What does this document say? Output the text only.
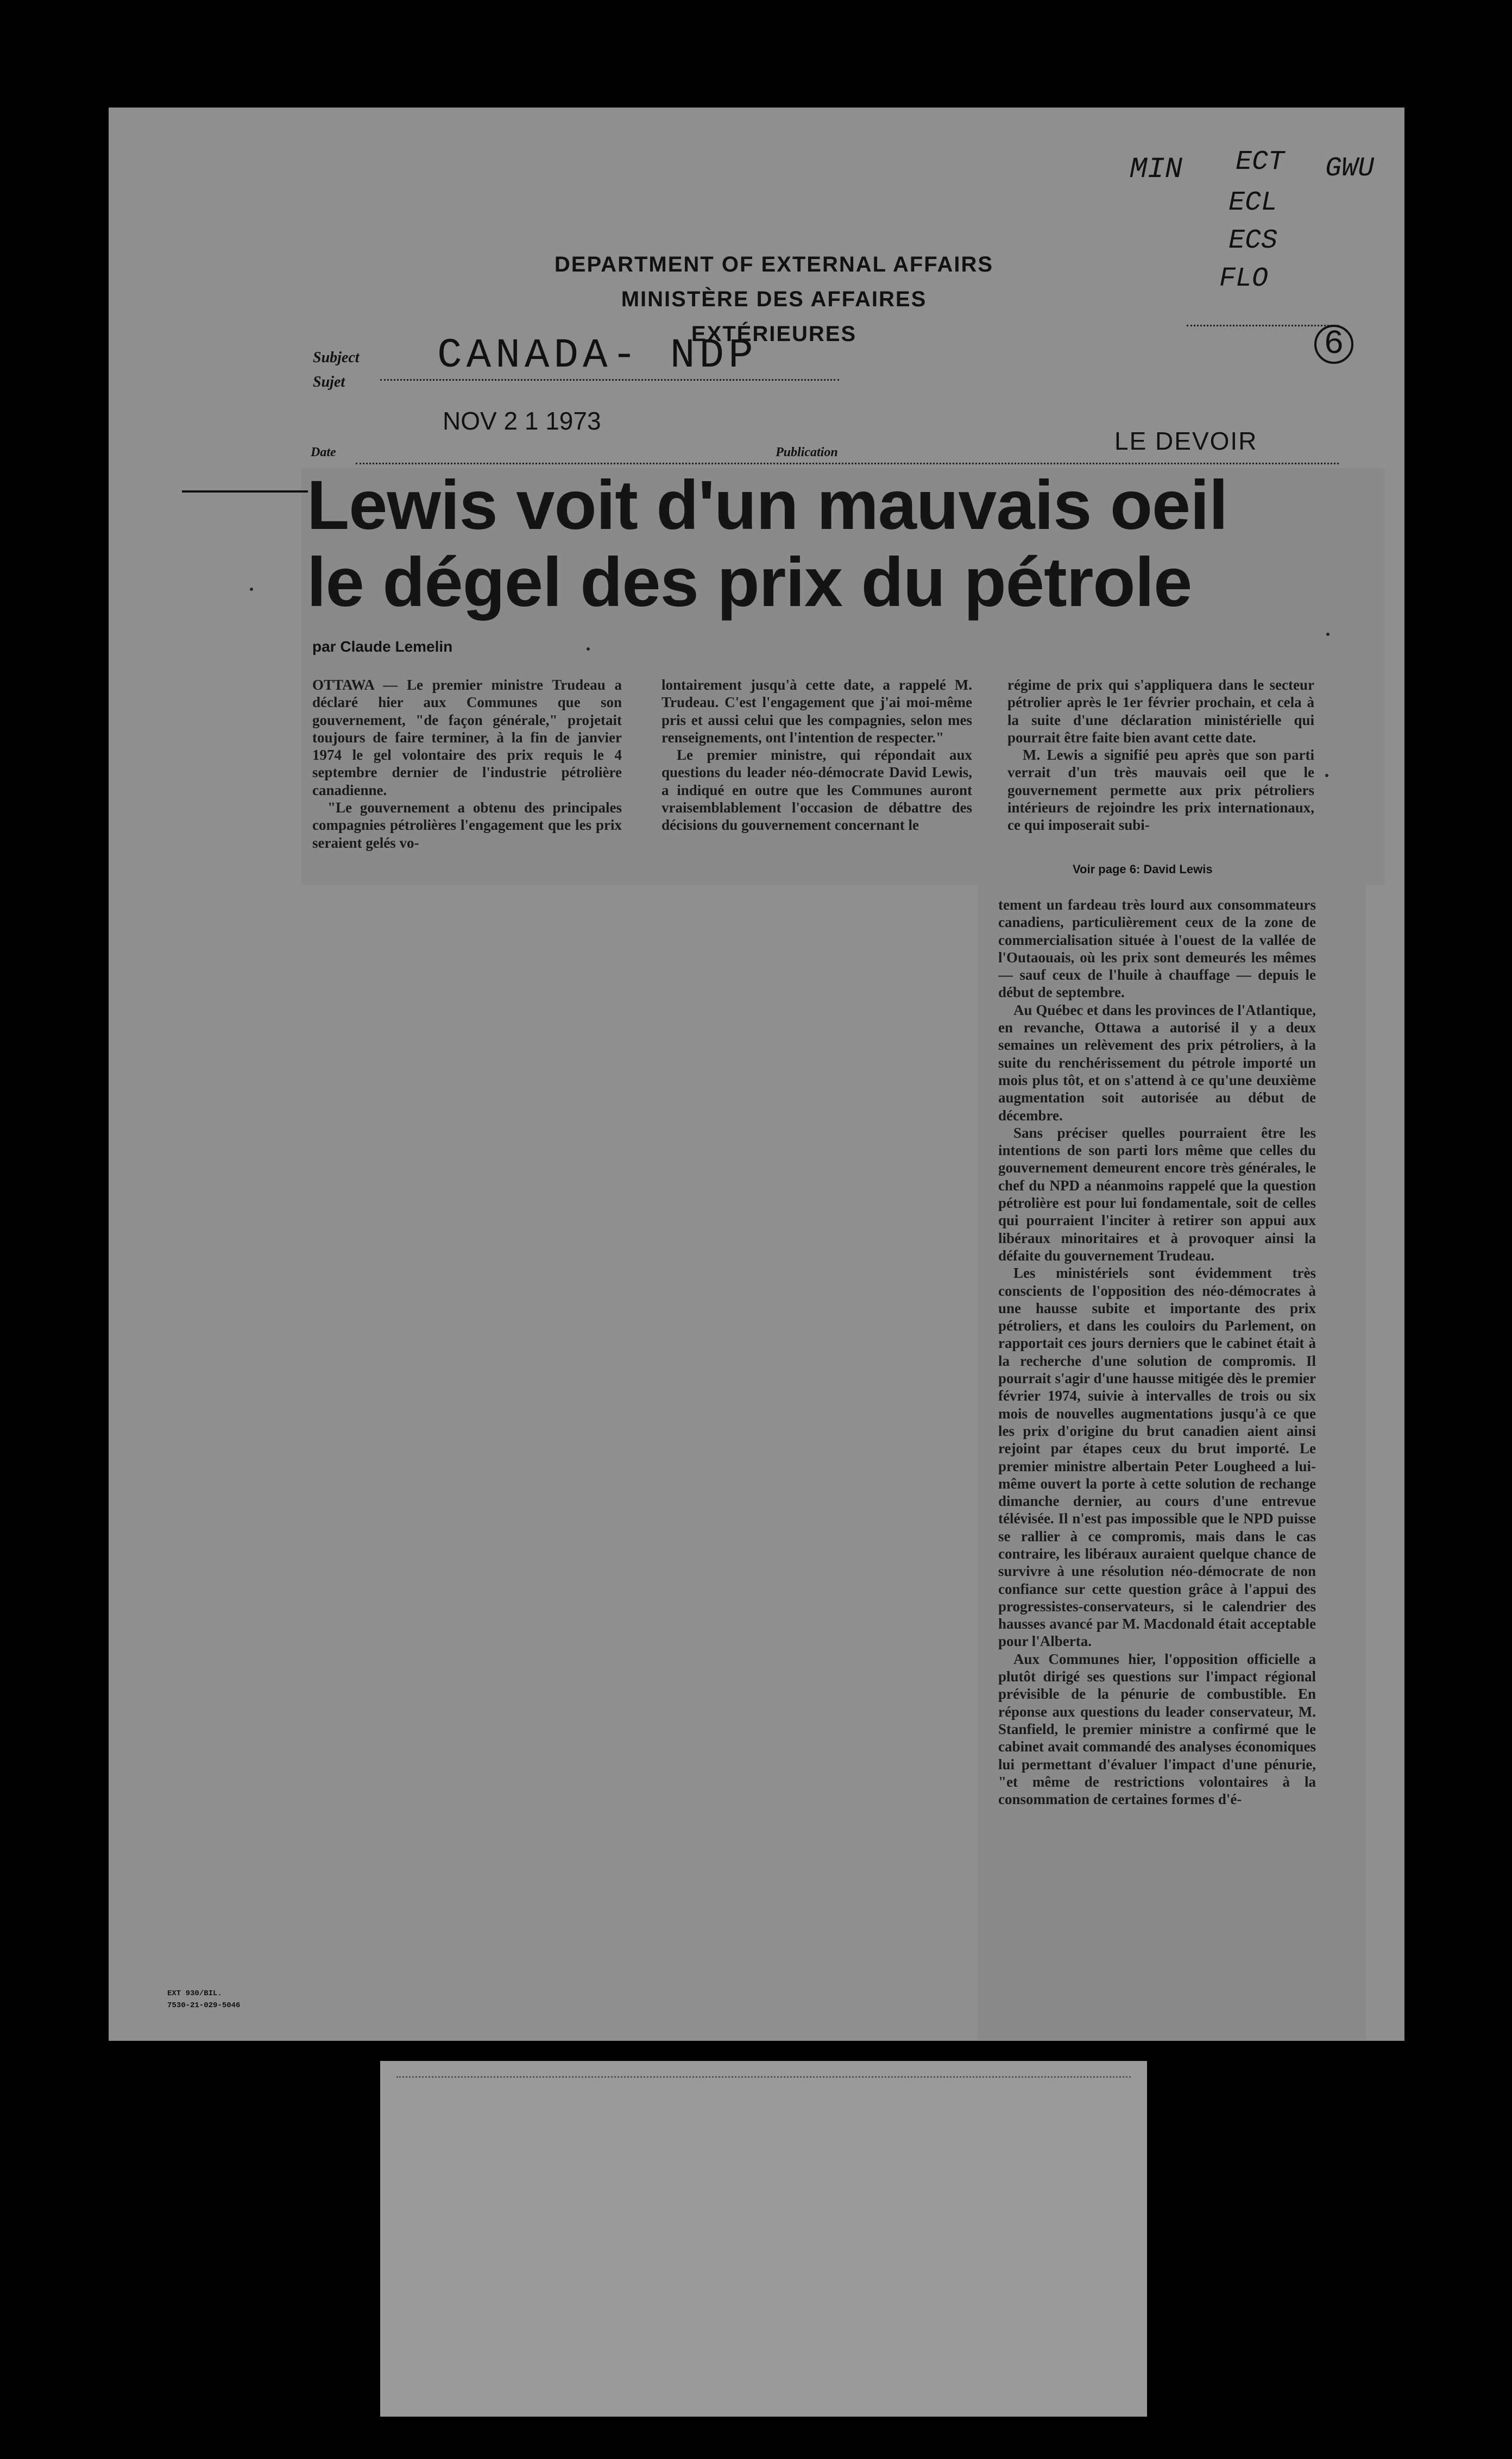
MIN ECT GWU
ECL
ECS
FLO
6
DEPARTMENT OF EXTERNAL AFFAIRS
MINISTÈRE DES AFFAIRES EXTÉRIEURES
Subject
Sujet
CANADA- NDP
NOV 2 1 1973
LE DEVOIR
Date	Publication
Lewis voit d'un mauvais oeil
le dégel des prix du pétrole
par Claude Lemelin

OTTAWA — Le premier ministre Trudeau a déclaré hier aux Communes que son gouvernement, "de façon générale," projetait toujours de faire terminer, à la fin de janvier 1974 le gel volontaire des prix requis le 4 septembre dernier de l'industrie pétrolière canadienne.

"Le gouvernement a obtenu des principales compagnies pétrolières l'engagement que les prix seraient gelés vo-

lontairement jusqu'à cette date, a rappelé M. Trudeau. C'est l'engagement que j'ai moi-même pris et aussi celui que les compagnies, selon mes renseignements, ont l'intention de respecter."

Le premier ministre, qui répondait aux questions du leader néo-démocrate David Lewis, a indiqué en outre que les Communes auront vraisemblablement l'occasion de débattre des décisions du gouvernement concernant le

régime de prix qui s'appliquera dans le secteur pétrolier après le 1er février prochain, et cela à la suite d'une déclaration ministérielle qui pourrait être faite bien avant cette date.

M. Lewis a signifié peu après que son parti verrait d'un très mauvais oeil que le gouvernement permette aux prix pétroliers intérieurs de rejoindre les prix internationaux, ce qui imposerait subi-

Voir page 6: David Lewis

tement un fardeau très lourd aux consommateurs canadiens, particulièrement ceux de la zone de commercialisation située à l'ouest de la vallée de l'Outaouais, où les prix sont demeurés les mêmes — sauf ceux de l'huile à chauffage — depuis le début de septembre.

Au Québec et dans les provinces de l'Atlantique, en revanche, Ottawa a autorisé il y a deux semaines un relèvement des prix pétroliers, à la suite du renchérissement du pétrole importé un mois plus tôt, et on s'attend à ce qu'une deuxième augmentation soit autorisée au début de décembre.

Sans préciser quelles pourraient être les intentions de son parti lors même que celles du gouvernement demeurent encore très générales, le chef du NPD a néanmoins rappelé que la question pétrolière est pour lui fondamentale, soit de celles qui pourraient l'inciter à retirer son appui aux libéraux minoritaires et à provoquer ainsi la défaite du gouvernement Trudeau.

Les ministériels sont évidemment très conscients de l'opposition des néo-démocrates à une hausse subite et importante des prix pétroliers, et dans les couloirs du Parlement, on rapportait ces jours derniers que le cabinet était à la recherche d'une solution de compromis. Il pourrait s'agir d'une hausse mitigée dès le premier février 1974, suivie à intervalles de trois ou six mois de nouvelles augmentations jusqu'à ce que les prix d'origine du brut canadien aient ainsi rejoint par étapes ceux du brut importé. Le premier ministre albertain Peter Lougheed a lui-même ouvert la porte à cette solution de rechange dimanche dernier, au cours d'une entrevue télévisée. Il n'est pas impossible que le NPD puisse se rallier à ce compromis, mais dans le cas contraire, les libéraux auraient quelque chance de survivre à une résolution néo-démocrate de non confiance sur cette question grâce à l'appui des progressistes-conservateurs, si le calendrier des hausses avancé par M. Macdonald était acceptable pour l'Alberta.

Aux Communes hier, l'opposition officielle a plutôt dirigé ses questions sur l'impact régional prévisible de la pénurie de combustible. En réponse aux questions du leader conservateur, M. Stanfield, le premier ministre a confirmé que le cabinet avait commandé des analyses économiques lui permettant d'évaluer l'impact d'une pénurie, "et même de restrictions volontaires à la consommation de certaines formes d'é-

EXT 930/BIL.
7530-21-029-5046
